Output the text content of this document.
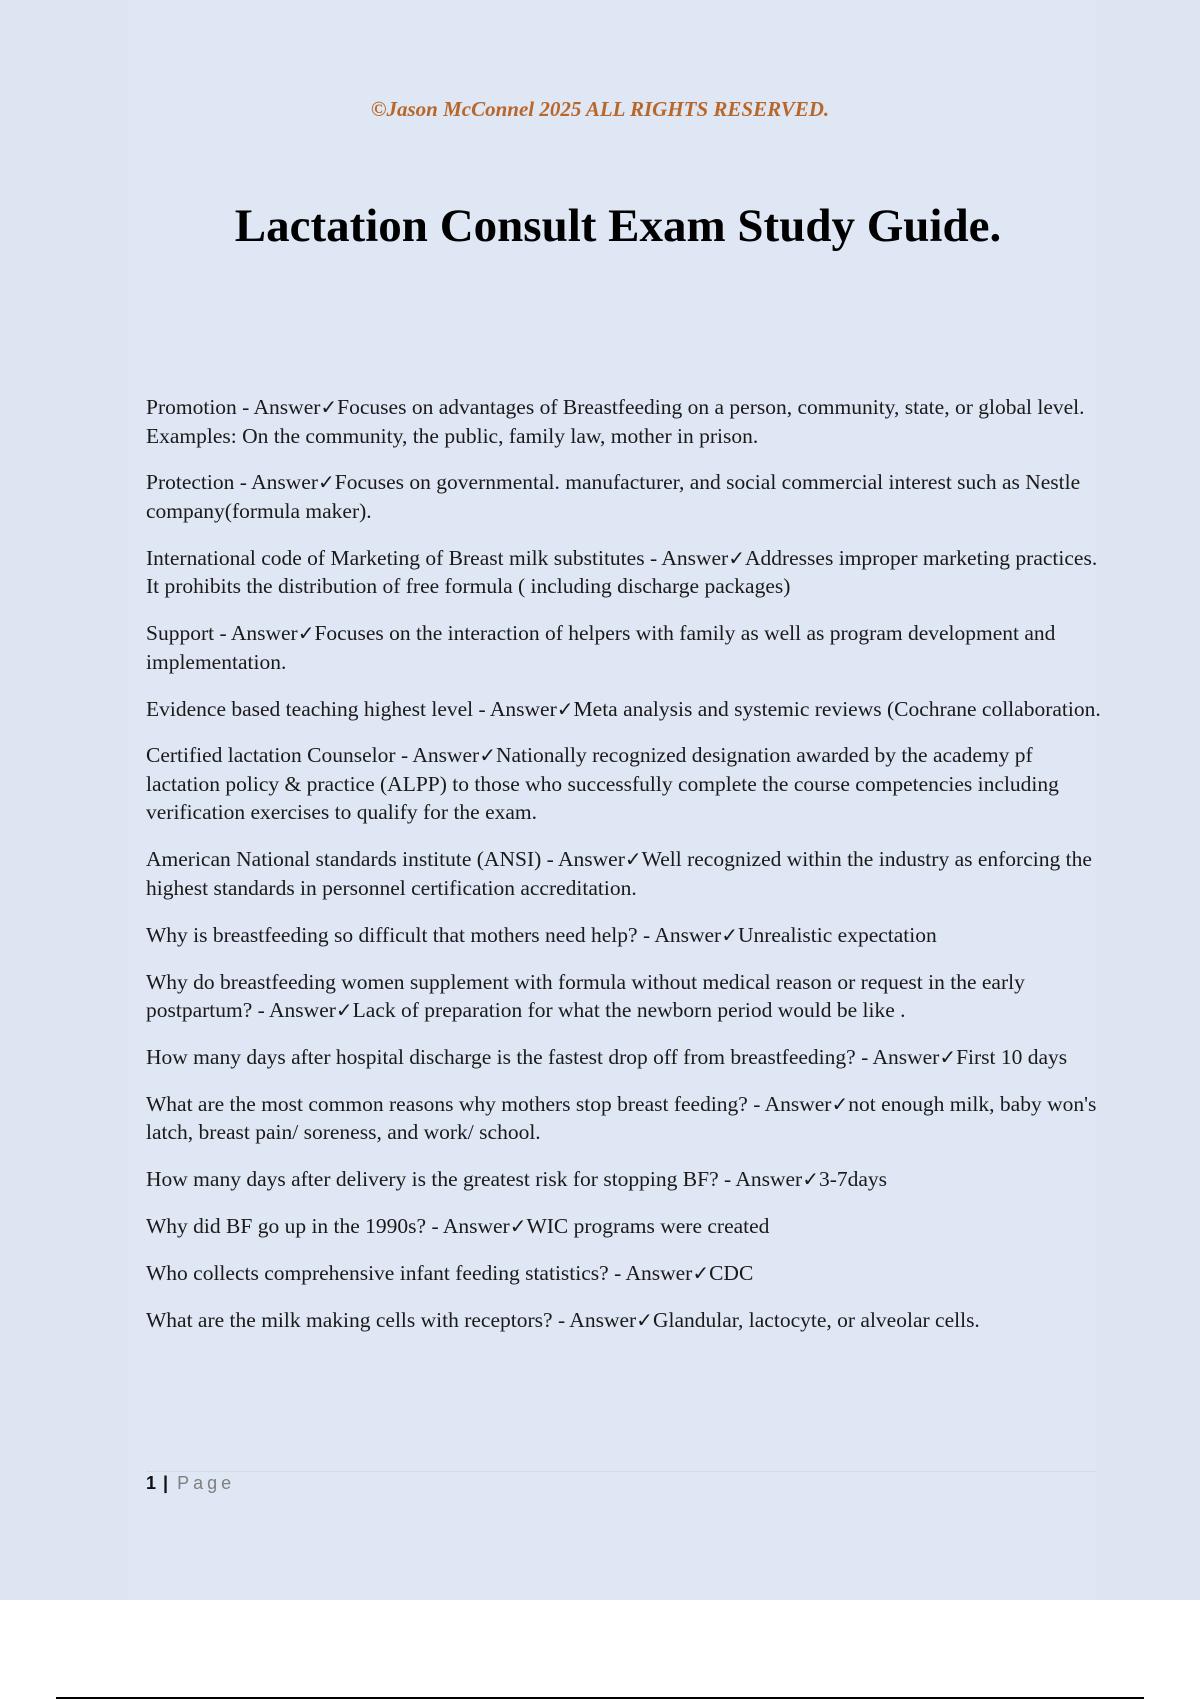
©Jason McConnel 2025 ALL RIGHTS RESERVED.

Lactation Consult Exam Study Guide.
Promotion - Answer✓Focuses on advantages of Breastfeeding on a person, community, state, or global level. Examples: On the community, the public, family law, mother in prison.
Protection - Answer✓Focuses on governmental. manufacturer, and social commercial interest such as Nestle company(formula maker).
International code of Marketing of Breast milk substitutes - Answer✓Addresses improper marketing practices. It prohibits the distribution of free formula ( including discharge packages)
Support - Answer✓Focuses on the interaction of helpers with family as well as program development and implementation.
Evidence based teaching highest level - Answer✓Meta analysis and systemic reviews (Cochrane collaboration.
Certified lactation Counselor - Answer✓Nationally recognized designation awarded by the academy pf lactation policy & practice (ALPP) to those who successfully complete the course competencies including verification exercises to qualify for the exam.
American National standards institute (ANSI) - Answer✓Well recognized within the industry as enforcing the highest standards in personnel certification accreditation.
Why is breastfeeding so difficult that mothers need help? - Answer✓Unrealistic expectation
Why do breastfeeding women supplement with formula without medical reason or request in the early postpartum? - Answer✓Lack of preparation for what the newborn period would be like .
How many days after hospital discharge is the fastest drop off from breastfeeding? - Answer✓First 10 days
What are the most common reasons why mothers stop breast feeding? - Answer✓not enough milk, baby won's latch, breast pain/ soreness, and work/ school.
How many days after delivery is the greatest risk for stopping BF? - Answer✓3-7days
Why did BF go up in the 1990s? - Answer✓WIC programs were created
Who collects comprehensive infant feeding statistics? - Answer✓CDC
What are the milk making cells with receptors? - Answer✓Glandular, lactocyte, or alveolar cells.
1 | Page
